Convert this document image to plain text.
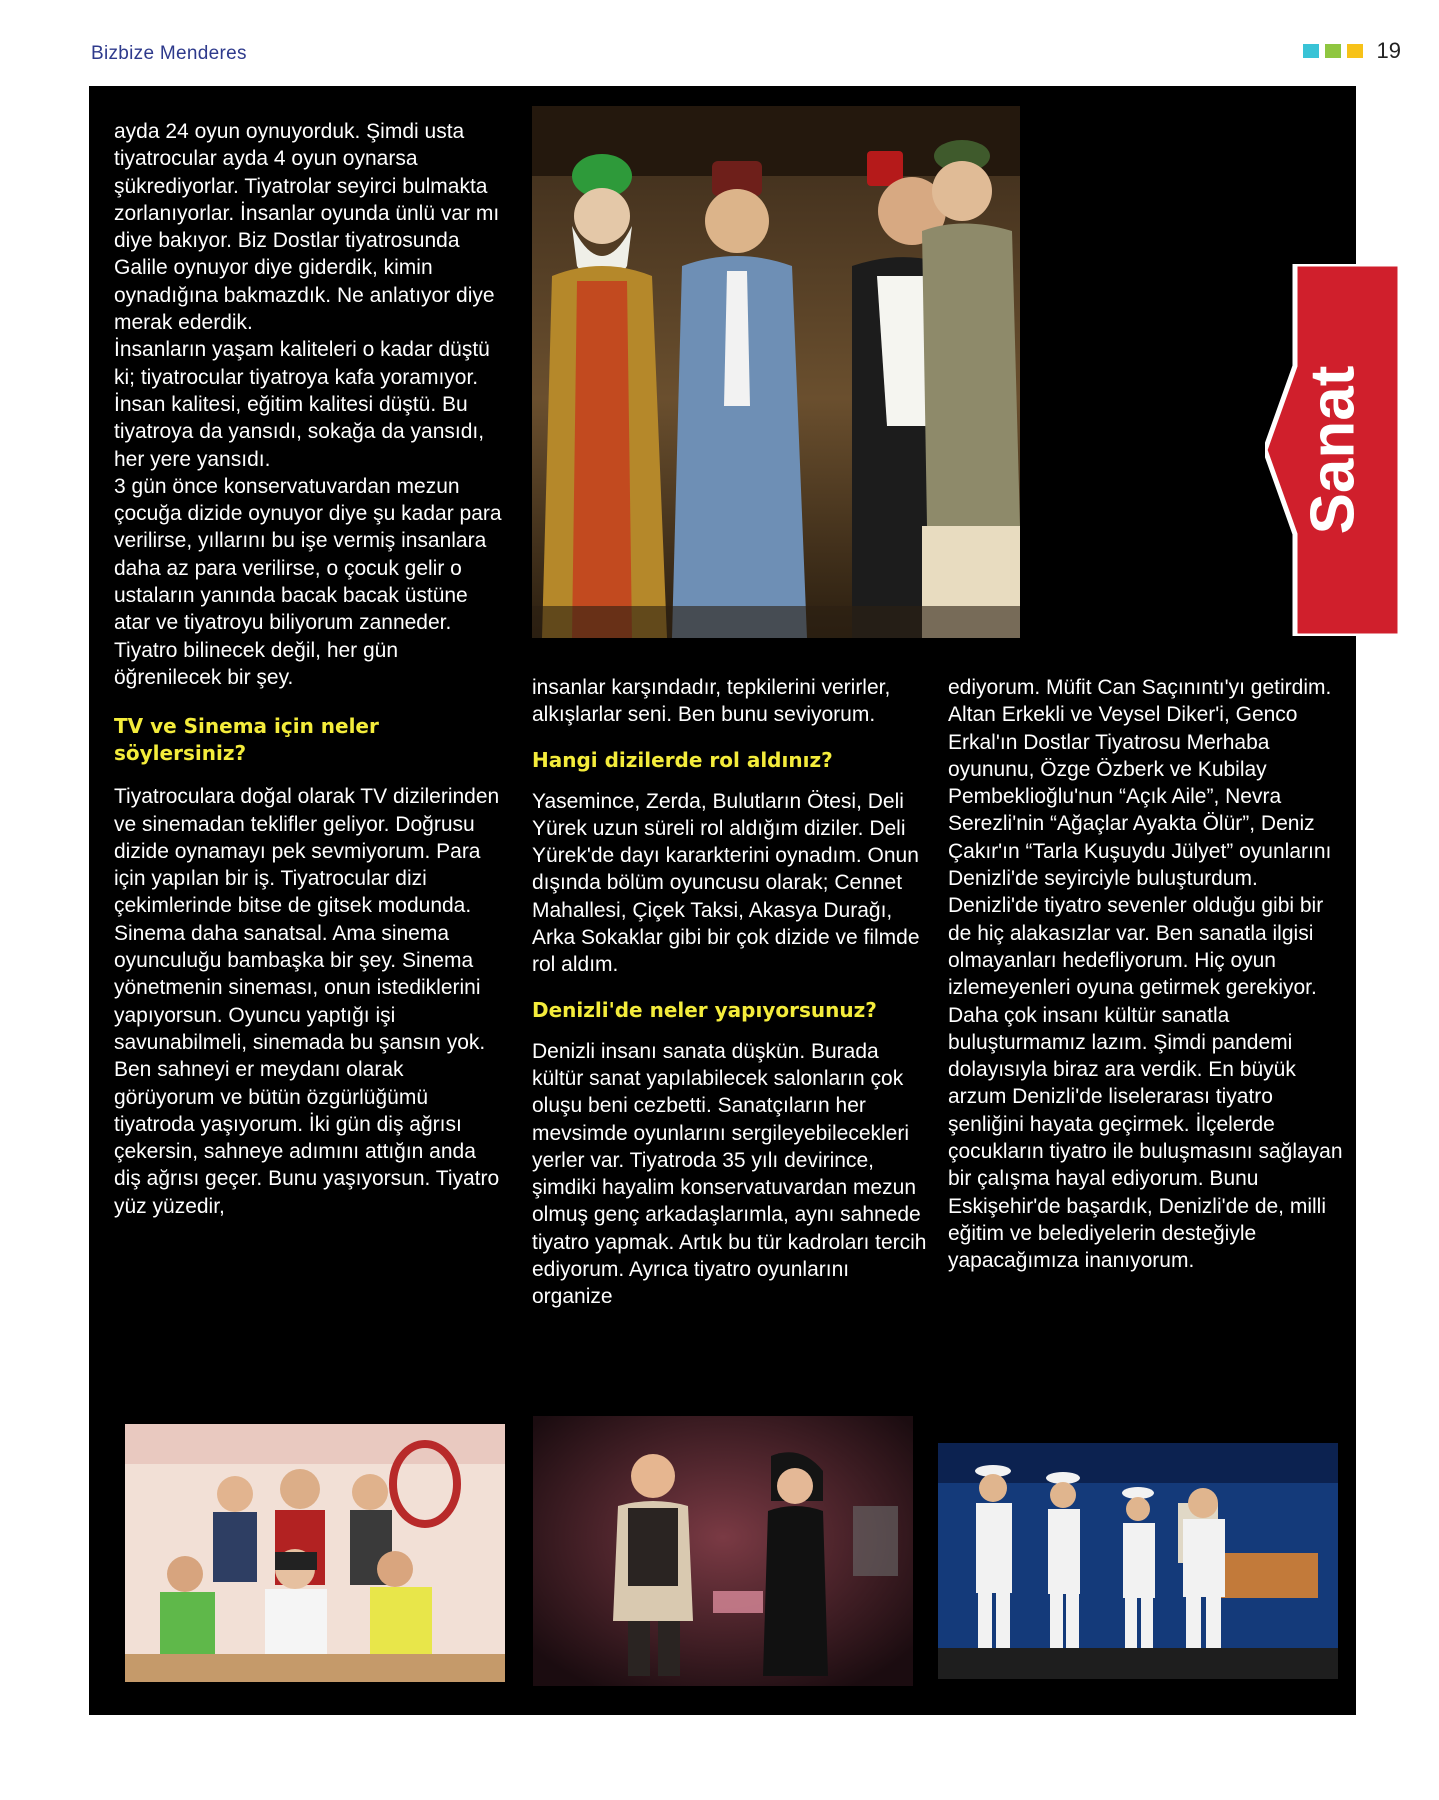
Bizbize Menderes	19
Sanat

ayda 24 oyun oynuyorduk. Şimdi usta tiyatrocular ayda 4 oyun oynarsa şükrediyorlar. Tiyatrolar seyirci bulmakta zorlanıyorlar. İnsanlar oyunda ünlü var mı diye bakıyor. Biz Dostlar tiyatrosunda Galile oynuyor diye giderdik, kimin oynadığına bakmazdık. Ne anlatıyor diye merak ederdik.

İnsanların yaşam kaliteleri o kadar düştü ki; tiyatrocular tiyatroya kafa yoramıyor. İnsan kalitesi, eğitim kalitesi düştü. Bu tiyatroya da yansıdı, sokağa da yansıdı, her yere yansıdı.

3 gün önce konservatuvardan mezun çocuğa dizide oynuyor diye şu kadar para verilirse, yıllarını bu işe vermiş insanlara daha az para verilirse, o çocuk gelir o ustaların yanında bacak bacak üstüne atar ve tiyatroyu biliyorum zanneder. Tiyatro bilinecek değil, her gün öğrenilecek bir şey.

TV ve Sinema için neler söylersiniz?

Tiyatroculara doğal olarak TV dizilerinden ve sinemadan teklifler geliyor. Doğrusu dizide oynamayı pek sevmiyorum. Para için yapılan bir iş. Tiyatrocular dizi çekimlerinde bitse de gitsek modunda. Sinema daha sanatsal. Ama sinema oyunculuğu bambaşka bir şey. Sinema yönetmenin sineması, onun istediklerini yapıyorsun. Oyuncu yaptığı işi savunabilmeli, sinemada bu şansın yok. Ben sahneyi er meydanı olarak görüyorum ve bütün özgürlüğümü tiyatroda yaşıyorum. İki gün diş ağrısı çekersin, sahneye adımını attığın anda diş ağrısı geçer. Bunu yaşıyorsun. Tiyatro yüz yüzedir,

insanlar karşındadır, tepkilerini verirler, alkışlarlar seni. Ben bunu seviyorum.

Hangi dizilerde rol aldınız?

Yasemince, Zerda, Bulutların Ötesi, Deli Yürek uzun süreli rol aldığım diziler. Deli Yürek'de dayı kararkterini oynadım. Onun dışında bölüm oyuncusu olarak; Cennet Mahallesi, Çiçek Taksi, Akasya Durağı, Arka Sokaklar gibi bir çok dizide ve filmde rol aldım.

Denizli'de neler yapıyorsunuz?

Denizli insanı sanata düşkün. Burada kültür sanat yapılabilecek salonların çok oluşu beni cezbetti. Sanatçıların her mevsimde oyunlarını sergileyebilecekleri yerler var. Tiyatroda 35 yılı devirince, şimdiki hayalim konservatuvardan mezun olmuş genç arkadaşlarımla, aynı sahnede tiyatro yapmak. Artık bu tür kadroları tercih ediyorum. Ayrıca tiyatro oyunlarını organize

ediyorum. Müfit Can Saçınıntı'yı getirdim. Altan Erkekli ve Veysel Diker'i, Genco Erkal'ın Dostlar Tiyatrosu Merhaba oyununu, Özge Özberk ve Kubilay Pembeklioğlu'nun “Açık Aile”, Nevra Serezli'nin “Ağaçlar Ayakta Ölür”, Deniz Çakır'ın “Tarla Kuşuydu Jülyet” oyunlarını Denizli'de seyirciyle buluşturdum.

Denizli'de tiyatro sevenler olduğu gibi bir de hiç alakasızlar var. Ben sanatla ilgisi olmayanları hedefliyorum. Hiç oyun izlemeyenleri oyuna getirmek gerekiyor. Daha çok insanı kültür sanatla buluşturmamız lazım. Şimdi pandemi dolayısıyla biraz ara verdik. En büyük arzum Denizli'de liselerarası tiyatro şenliğini hayata geçirmek. İlçelerde çocukların tiyatro ile buluşmasını sağlayan bir çalışma hayal ediyorum. Bunu Eskişehir'de başardık, Denizli'de de, milli eğitim ve belediyelerin desteğiyle yapacağımıza inanıyorum.
